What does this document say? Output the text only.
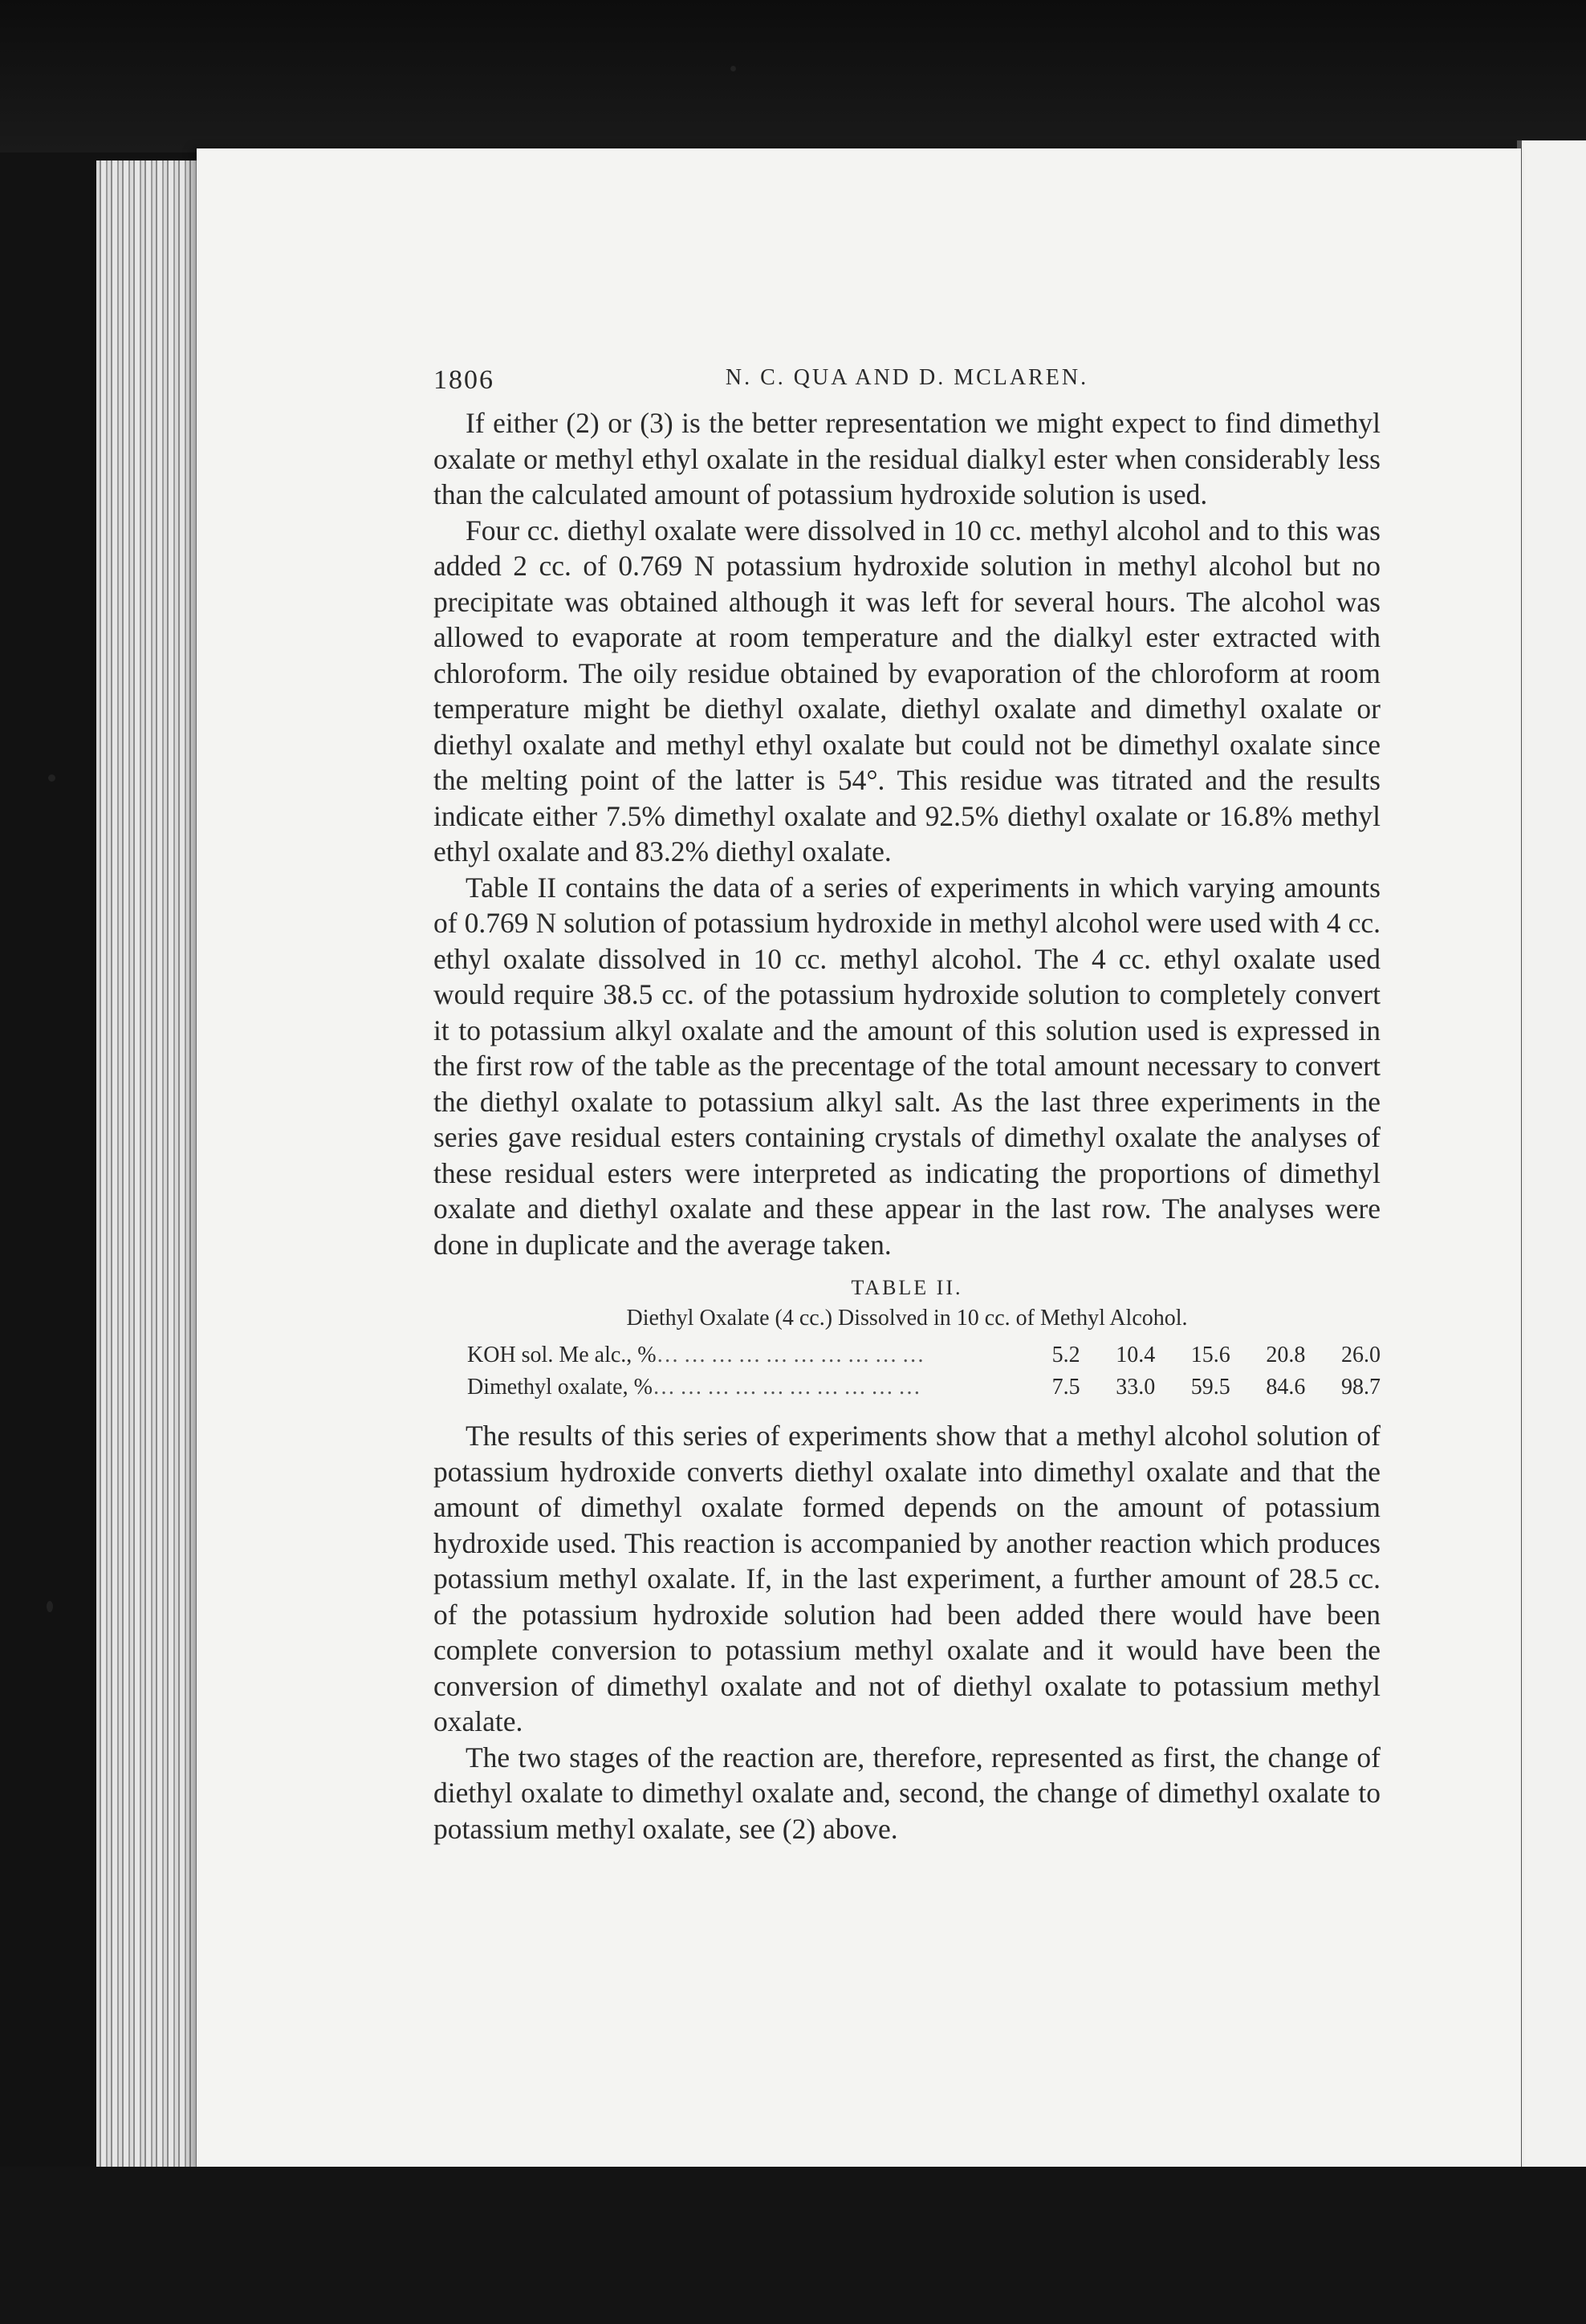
1806	N. C. QUA AND D. MCLAREN.

If either (2) or (3) is the better representation we might expect to find dimethyl oxalate or methyl ethyl oxalate in the residual dialkyl ester when considerably less than the calculated amount of potassium hydroxide solution is used.

Four cc. diethyl oxalate were dissolved in 10 cc. methyl alcohol and to this was added 2 cc. of 0.769 N potassium hydroxide solution in methyl alcohol but no precipitate was obtained although it was left for several hours. The alcohol was allowed to evaporate at room temperature and the dialkyl ester extracted with chloroform. The oily residue obtained by evaporation of the chloroform at room temperature might be diethyl oxalate, diethyl oxalate and dimethyl oxalate or diethyl oxalate and methyl ethyl oxalate but could not be dimethyl oxalate since the melting point of the latter is 54°. This residue was titrated and the results indicate either 7.5% dimethyl oxalate and 92.5% diethyl oxalate or 16.8% methyl ethyl oxalate and 83.2% diethyl oxalate.

Table II contains the data of a series of experiments in which varying amounts of 0.769 N solution of potassium hydroxide in methyl alcohol were used with 4 cc. ethyl oxalate dissolved in 10 cc. methyl alcohol. The 4 cc. ethyl oxalate used would require 38.5 cc. of the potassium hydroxide solution to completely convert it to potassium alkyl oxalate and the amount of this solution used is expressed in the first row of the table as the precentage of the total amount necessary to convert the diethyl oxalate to potassium alkyl salt. As the last three experiments in the series gave residual esters containing crystals of dimethyl oxalate the analyses of these residual esters were interpreted as indicating the proportions of dimethyl oxalate and diethyl oxalate and these appear in the last row. The analyses were done in duplicate and the average taken.

TABLE II.
Diethyl Oxalate (4 cc.) Dissolved in 10 cc. of Methyl Alcohol.
KOH sol. Me alc., %…………………………	5.2	10.4	15.6	20.8	26.0
Dimethyl oxalate, %…………………………	7.5	33.0	59.5	84.6	98.7

The results of this series of experiments show that a methyl alcohol solution of potassium hydroxide converts diethyl oxalate into dimethyl oxalate and that the amount of dimethyl oxalate formed depends on the amount of potassium hydroxide used. This reaction is accompanied by another reaction which produces potassium methyl oxalate. If, in the last experiment, a further amount of 28.5 cc. of the potassium hydroxide solution had been added there would have been complete conversion to potassium methyl oxalate and it would have been the conversion of dimethyl oxalate and not of diethyl oxalate to potassium methyl oxalate.

The two stages of the reaction are, therefore, represented as first, the change of diethyl oxalate to dimethyl oxalate and, second, the change of dimethyl oxalate to potassium methyl oxalate, see (2) above.
